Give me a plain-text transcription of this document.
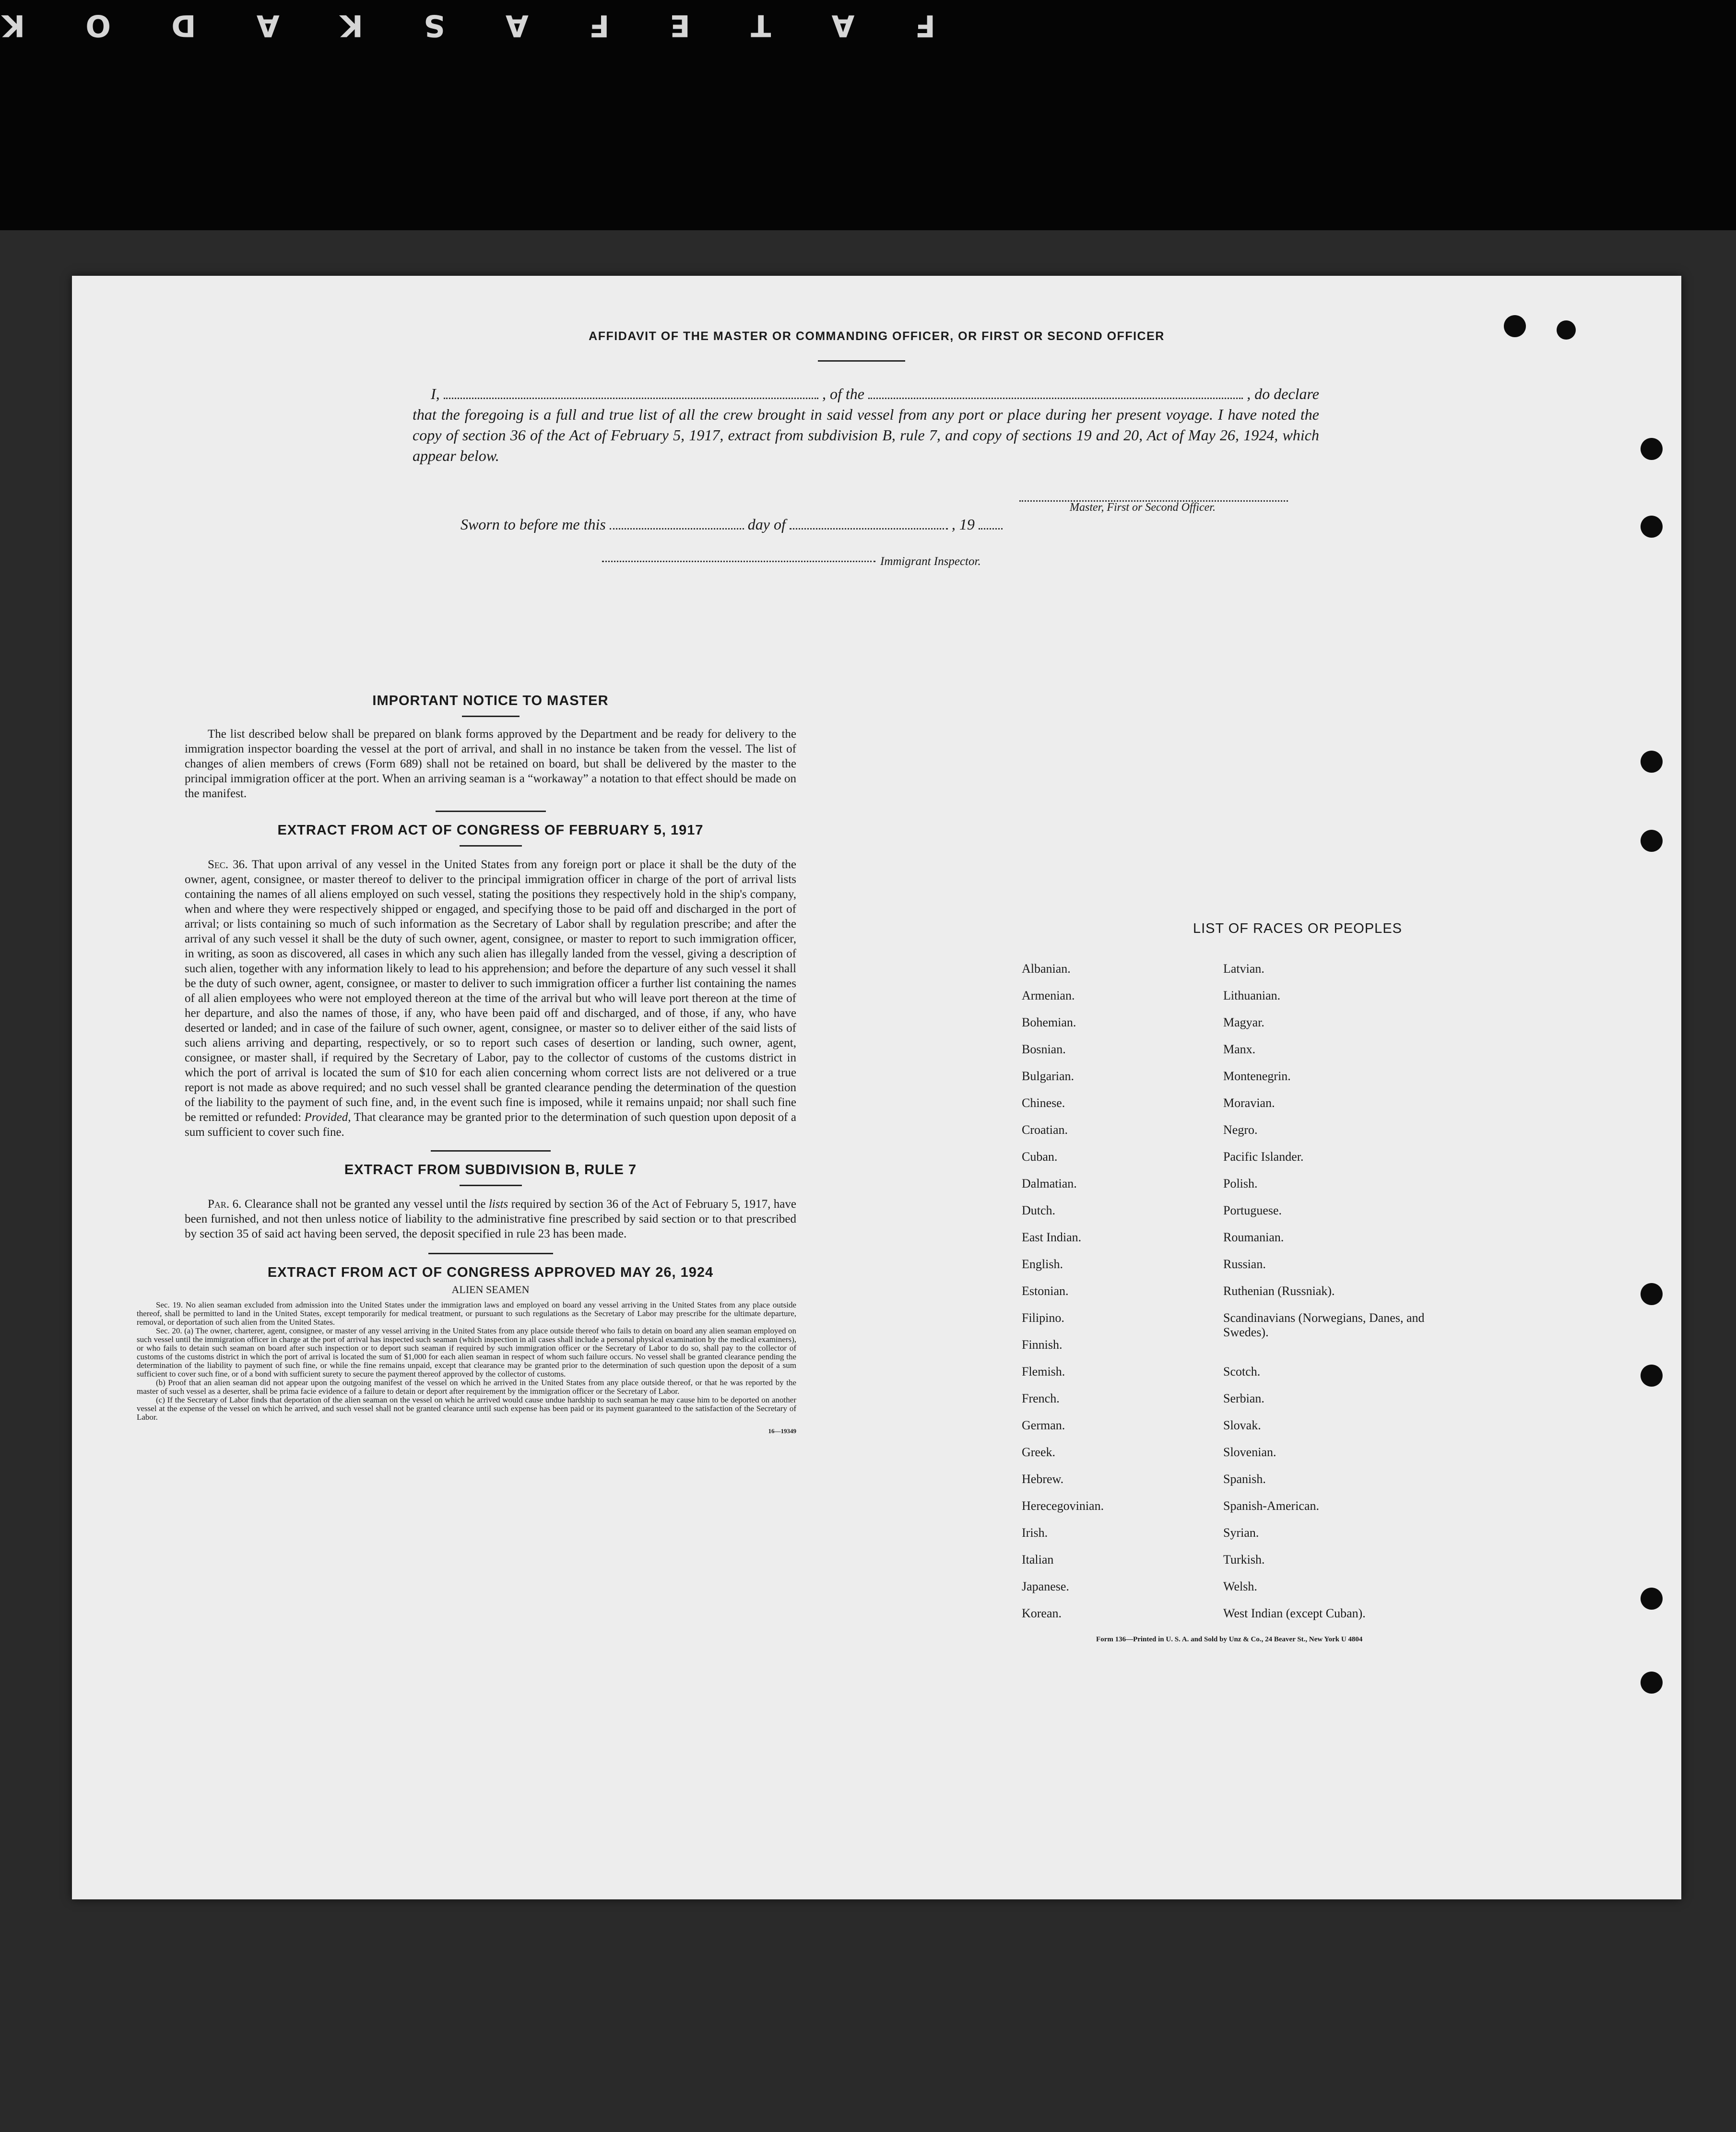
F
A
T
E
F
A
S
K
A
D
O
K
AFFIDAVIT OF THE MASTER OR COMMANDING OFFICER, OR FIRST OR SECOND OFFICER
I,	, of the	, do declare
that the foregoing is a full and true list of all the crew brought in said vessel from any port or place during her present voyage. I have noted the copy of section 36 of the Act of February 5, 1917, extract from subdivision B, rule 7, and copy of sections 19 and 20, Act of May 26, 1924, which appear below.
Master, First or Second Officer.
Sworn to before me this	day of	, 19
Immigrant Inspector.
IMPORTANT NOTICE TO MASTER
The list described below shall be prepared on blank forms approved by the Department and be ready for delivery to the immigration inspector boarding the vessel at the port of arrival, and shall in no instance be taken from the vessel. The list of changes of alien members of crews (Form 689) shall not be retained on board, but shall be delivered by the master to the principal immigration officer at the port. When an arriving seaman is a “workaway” a notation to that effect should be made on the manifest.
EXTRACT FROM ACT OF CONGRESS OF FEBRUARY 5, 1917
Sec. 36. That upon arrival of any vessel in the United States from any foreign port or place it shall be the duty of the owner, agent, consignee, or master thereof to deliver to the principal immigration officer in charge of the port of arrival lists containing the names of all aliens employed on such vessel, stating the positions they respectively hold in the ship's company, when and where they were respectively shipped or engaged, and specifying those to be paid off and discharged in the port of arrival; or lists containing so much of such information as the Secretary of Labor shall by regulation prescribe; and after the arrival of any such vessel it shall be the duty of such owner, agent, consignee, or master to report to such immigration officer, in writing, as soon as discovered, all cases in which any such alien has illegally landed from the vessel, giving a description of such alien, together with any information likely to lead to his apprehension; and before the departure of any such vessel it shall be the duty of such owner, agent, consignee, or master to deliver to such immigration officer a further list containing the names of all alien employees who were not employed thereon at the time of the arrival but who will leave port thereon at the time of her departure, and also the names of those, if any, who have been paid off and discharged, and of those, if any, who have deserted or landed; and in case of the failure of such owner, agent, consignee, or master so to deliver either of the said lists of such aliens arriving and departing, respectively, or so to report such cases of desertion or landing, such owner, agent, consignee, or master shall, if required by the Secretary of Labor, pay to the collector of customs of the customs district in which the port of arrival is located the sum of $10 for each alien concerning whom correct lists are not delivered or a true report is not made as above required; and no such vessel shall be granted clearance pending the determination of the question of the liability to the payment of such fine, and, in the event such fine is imposed, while it remains unpaid; nor shall such fine be remitted or refunded: Provided, That clearance may be granted prior to the determination of such question upon deposit of a sum sufficient to cover such fine.
EXTRACT FROM SUBDIVISION B, RULE 7
Par. 6. Clearance shall not be granted any vessel until the lists required by section 36 of the Act of February 5, 1917, have been furnished, and not then unless notice of liability to the administrative fine prescribed by said section or to that prescribed by section 35 of said act having been served, the deposit specified in rule 23 has been made.
EXTRACT FROM ACT OF CONGRESS APPROVED MAY 26, 1924
ALIEN SEAMEN
Sec. 19. No alien seaman excluded from admission into the United States under the immigration laws and employed on board any vessel arriving in the United States from any place outside thereof, shall be permitted to land in the United States, except temporarily for medical treatment, or pursuant to such regulations as the Secretary of Labor may prescribe for the ultimate departure, removal, or deportation of such alien from the United States.
Sec. 20. (a) The owner, charterer, agent, consignee, or master of any vessel arriving in the United States from any place outside thereof who fails to detain on board any alien seaman employed on such vessel until the immigration officer in charge at the port of arrival has inspected such seaman (which inspection in all cases shall include a personal physical examination by the medical examiners), or who fails to detain such seaman on board after such inspection or to deport such seaman if required by such immigration officer or the Secretary of Labor to do so, shall pay to the collector of customs of the customs district in which the port of arrival is located the sum of $1,000 for each alien seaman in respect of whom such failure occurs. No vessel shall be granted clearance pending the determination of the liability to payment of such fine, or while the fine remains unpaid, except that clearance may be granted prior to the determination of such question upon the deposit of a sum sufficient to cover such fine, or of a bond with sufficient surety to secure the payment thereof approved by the collector of customs.
(b) Proof that an alien seaman did not appear upon the outgoing manifest of the vessel on which he arrived in the United States from any place outside thereof, or that he was reported by the master of such vessel as a deserter, shall be prima facie evidence of a failure to detain or deport after requirement by the immigration officer or the Secretary of Labor.
(c) If the Secretary of Labor finds that deportation of the alien seaman on the vessel on which he arrived would cause undue hardship to such seaman he may cause him to be deported on another vessel at the expense of the vessel on which he arrived, and such vessel shall not be granted clearance until such expense has been paid or its payment guaranteed to the satisfaction of the Secretary of Labor.
16—19349
LIST OF RACES OR PEOPLES
Albanian.	Latvian.
Armenian.	Lithuanian.
Bohemian.	Magyar.
Bosnian.	Manx.
Bulgarian.	Montenegrin.
Chinese.	Moravian.
Croatian.	Negro.
Cuban.	Pacific Islander.
Dalmatian.	Polish.
Dutch.	Portuguese.
East Indian.	Roumanian.
English.	Russian.
Estonian.	Ruthenian (Russniak).
Filipino.	Scandinavians (Norwegians, Danes, and Swedes).
Finnish.
Flemish.	Scotch.
French.	Serbian.
German.	Slovak.
Greek.	Slovenian.
Hebrew.	Spanish.
Herecegovinian.	Spanish-American.
Irish.	Syrian.
Italian	Turkish.
Japanese.	Welsh.
Korean.	West Indian (except Cuban).
Form 136—Printed in U. S. A. and Sold by Unz & Co., 24 Beaver St., New York U 4804
